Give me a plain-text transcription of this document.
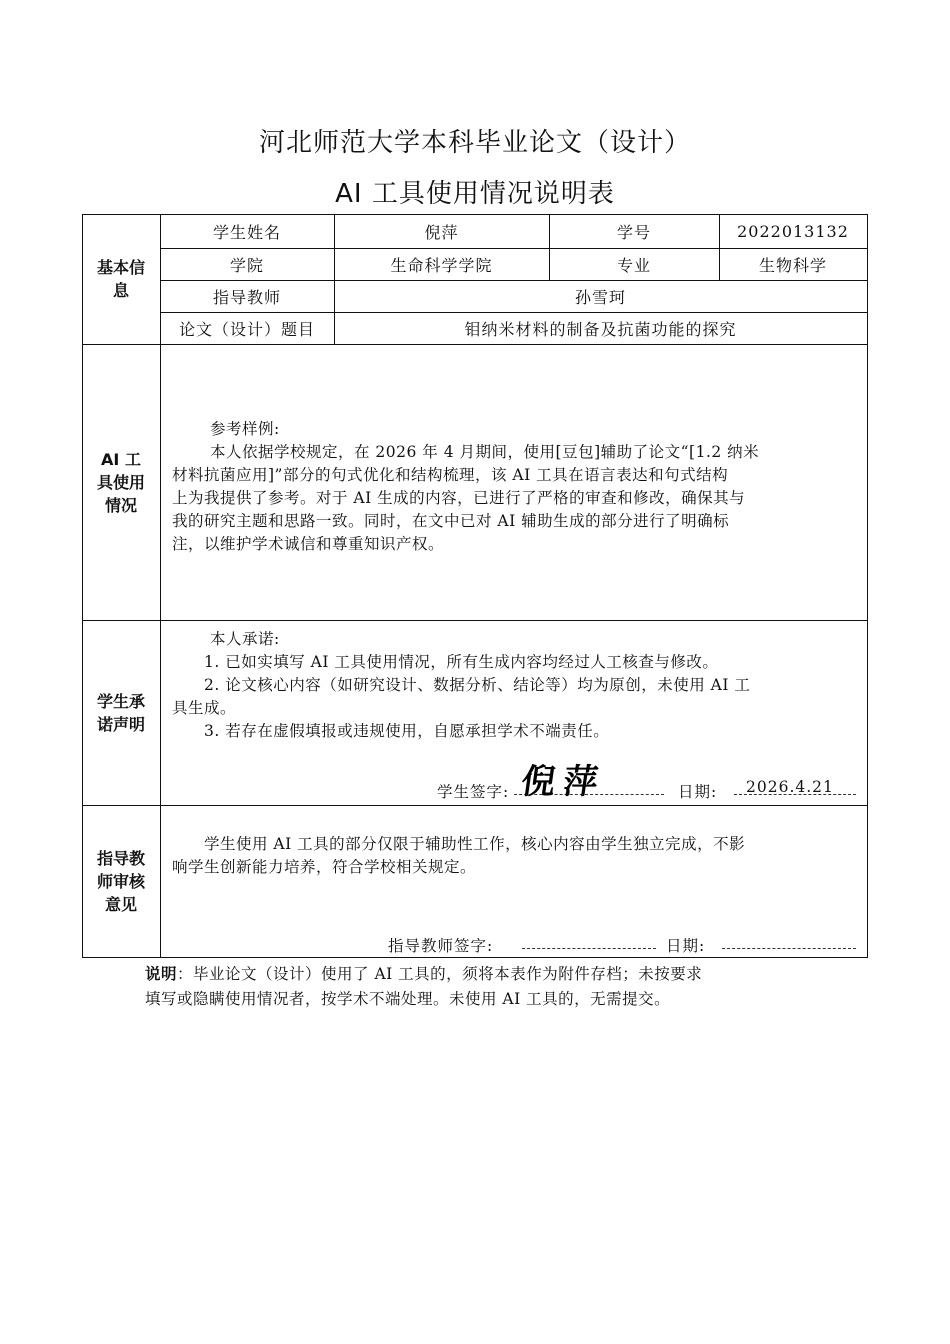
河北师范大学本科毕业论文（设计）
AI 工具使用情况说明表
基本信
息
学生姓名	倪萍	学号	2022013132
学院	生命科学学院	专业	生物科学
指导教师	孙雪珂
论文（设计）题目	钼纳米材料的制备及抗菌功能的探究
AI 工
具使用
情况
参考样例:
本人依据学校规定，在 2026 年 4 月期间，使用[豆包]辅助了论文“[1.2 纳米
材料抗菌应用]”部分的句式优化和结构梳理，该 AI 工具在语言表达和句式结构
上为我提供了参考。对于 AI 生成的内容，已进行了严格的审查和修改，确保其与
我的研究主题和思路一致。同时，在文中已对 AI 辅助生成的部分进行了明确标
注，以维护学术诚信和尊重知识产权。
学生承
诺声明
本人承诺:
1. 已如实填写 AI 工具使用情况，所有生成内容均经过人工核查与修改。
2. 论文核心内容（如研究设计、数据分析、结论等）均为原创，未使用 AI 工
具生成。
3. 若存在虚假填报或违规使用，自愿承担学术不端责任。
学生签字: 倪萍	日期: 2026.4.21
指导教
师审核
意见
学生使用 AI 工具的部分仅限于辅助性工作，核心内容由学生独立完成，不影
响学生创新能力培养，符合学校相关规定。
指导教师签字:	日期:
说明：毕业论文（设计）使用了 AI 工具的，须将本表作为附件存档；未按要求
填写或隐瞒使用情况者，按学术不端处理。未使用 AI 工具的，无需提交。
